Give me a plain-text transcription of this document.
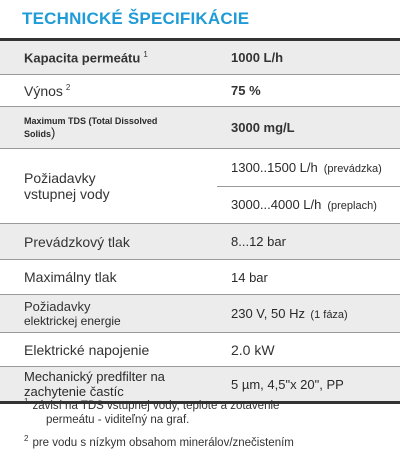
TECHNICKÉ ŠPECIFIKÁCIE
Kapacita permeátu $^1$	1000 L/h
Výnos $^2$	75 %

Maximum TDS (Total Dissolved
Solids)	3000 mg/L

Požiadavky
vstupnej vody	1300..1500 L/h (prevádzka)
	3000...4000 L/h (preplach)
Prevádzkový tlak	8...12 bar
Maximálny tlak	14 bar

Požiadavky
elektrickej energie	230 V, 50 Hz (1 fáza)
Elektrické napojenie	2.0 kW

Mechanický predfilter na
zachytenie častíc	5 µm, 4,5"x 20", PP
$^1$ závisí na TDS vstupnej vody, teplote a zotavenie
permeátu - viditeľný na graf.
$^2$ pre vodu s nízkym obsahom minerálov/znečistením
